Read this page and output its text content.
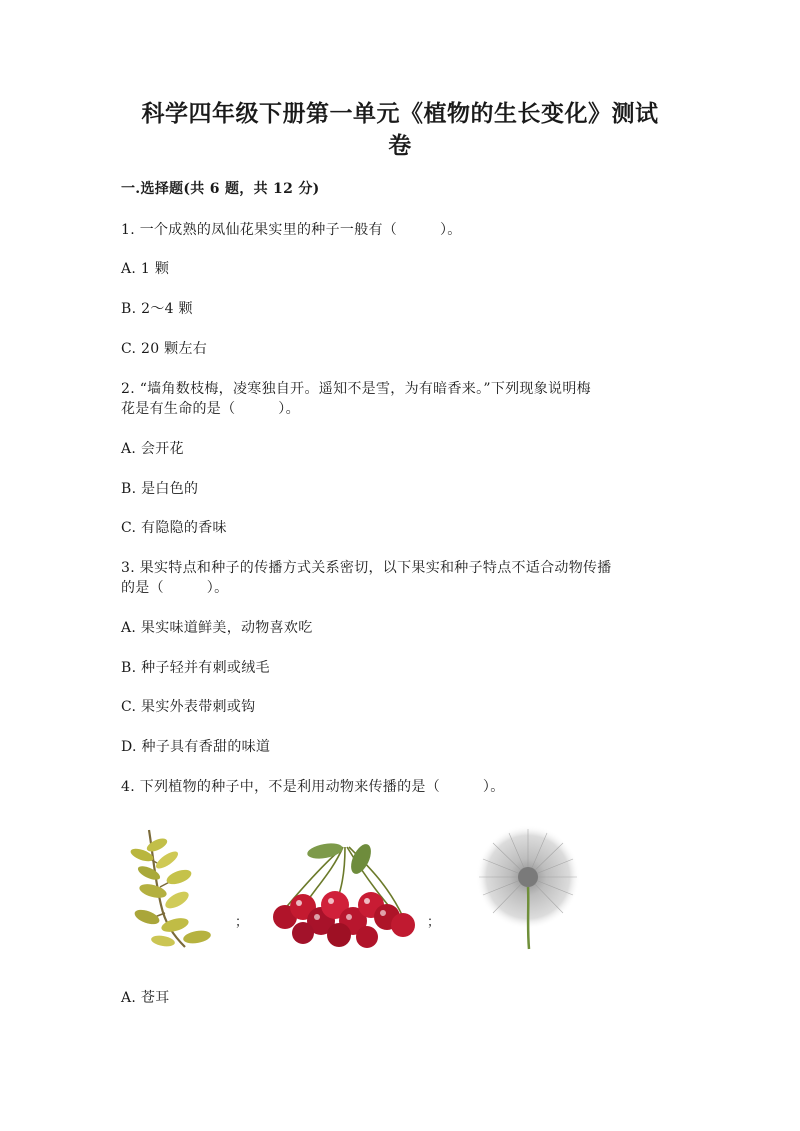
科学四年级下册第一单元《植物的生长变化》测试
卷
一.选择题(共 6 题，共 12 分)
1. 一个成熟的凤仙花果实里的种子一般有（　　　）。
A. 1 颗
B. 2～4 颗
C. 20 颗左右
2. “墙角数枝梅，凌寒独自开。遥知不是雪，为有暗香来。”下列现象说明梅
花是有生命的是（　　　）。
A. 会开花
B. 是白色的
C. 有隐隐的香味
3. 果实特点和种子的传播方式关系密切，以下果实和种子特点不适合动物传播
的是（　　　）。
A. 果实味道鲜美，动物喜欢吃
B. 种子轻并有刺或绒毛
C. 果实外表带刺或钩
D. 种子具有香甜的味道
4. 下列植物的种子中，不是利用动物来传播的是（　　　）。
；	；
A. 苍耳
